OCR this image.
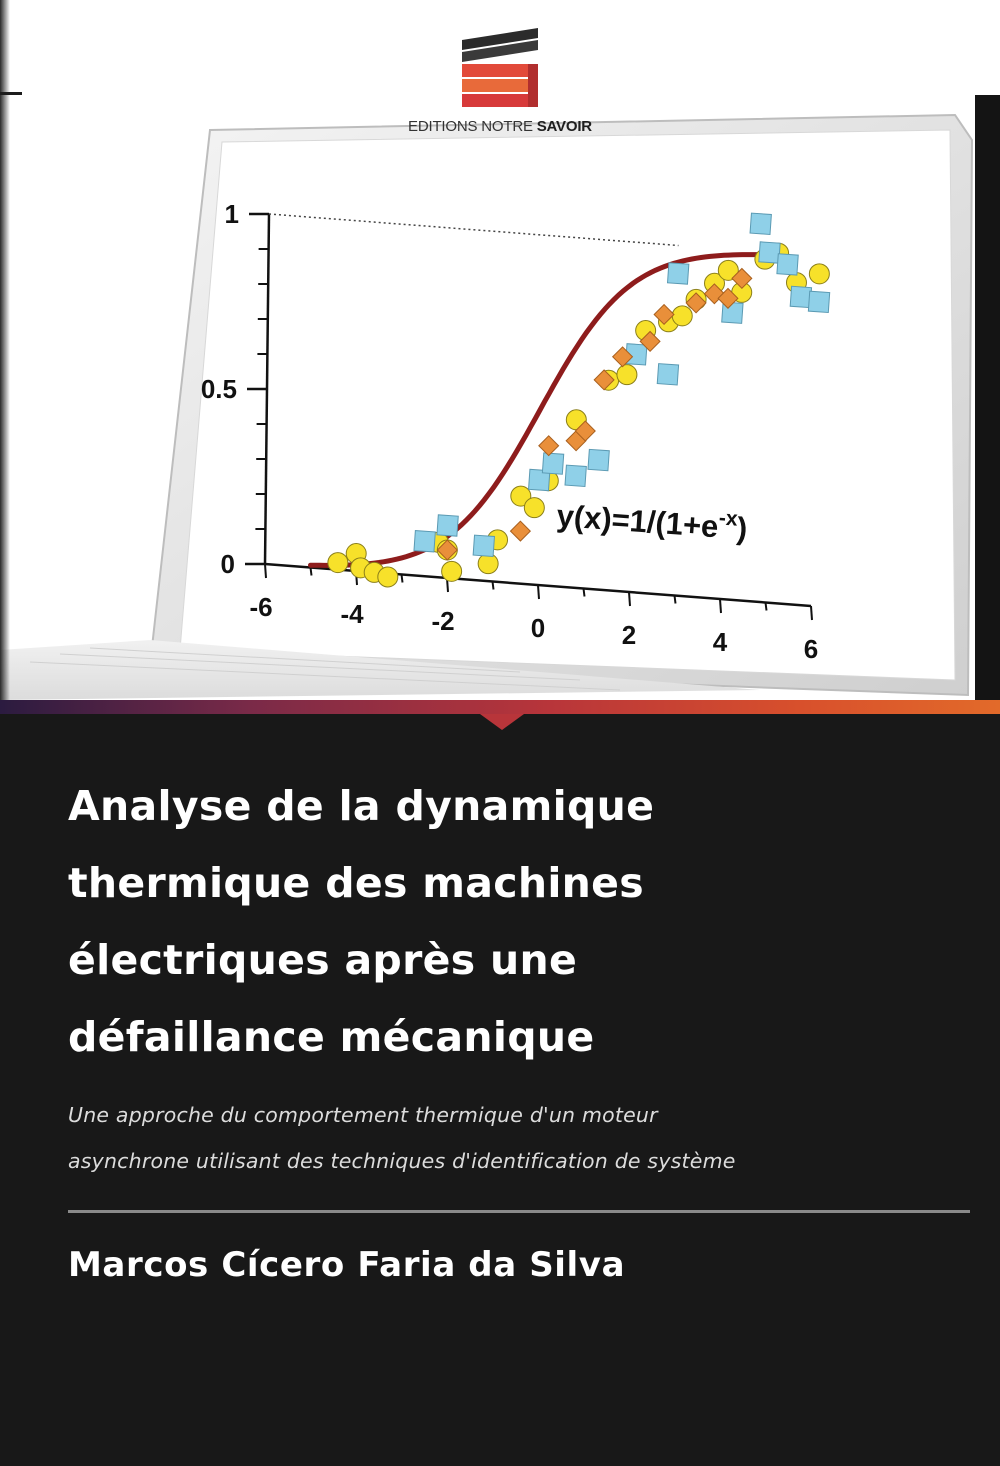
EDITIONS NOTRE SAVOIR
-6	-4	-2	0	2	4	6
0
0.5
1
$y(x)=1/(1+e^{-x})$
Analyse de la dynamique
thermique des machines
électriques après une
défaillance mécanique

Une approche du comportement thermique d'un moteur
asynchrone utilisant des techniques d'identification de système

Marcos Cícero Faria da Silva
